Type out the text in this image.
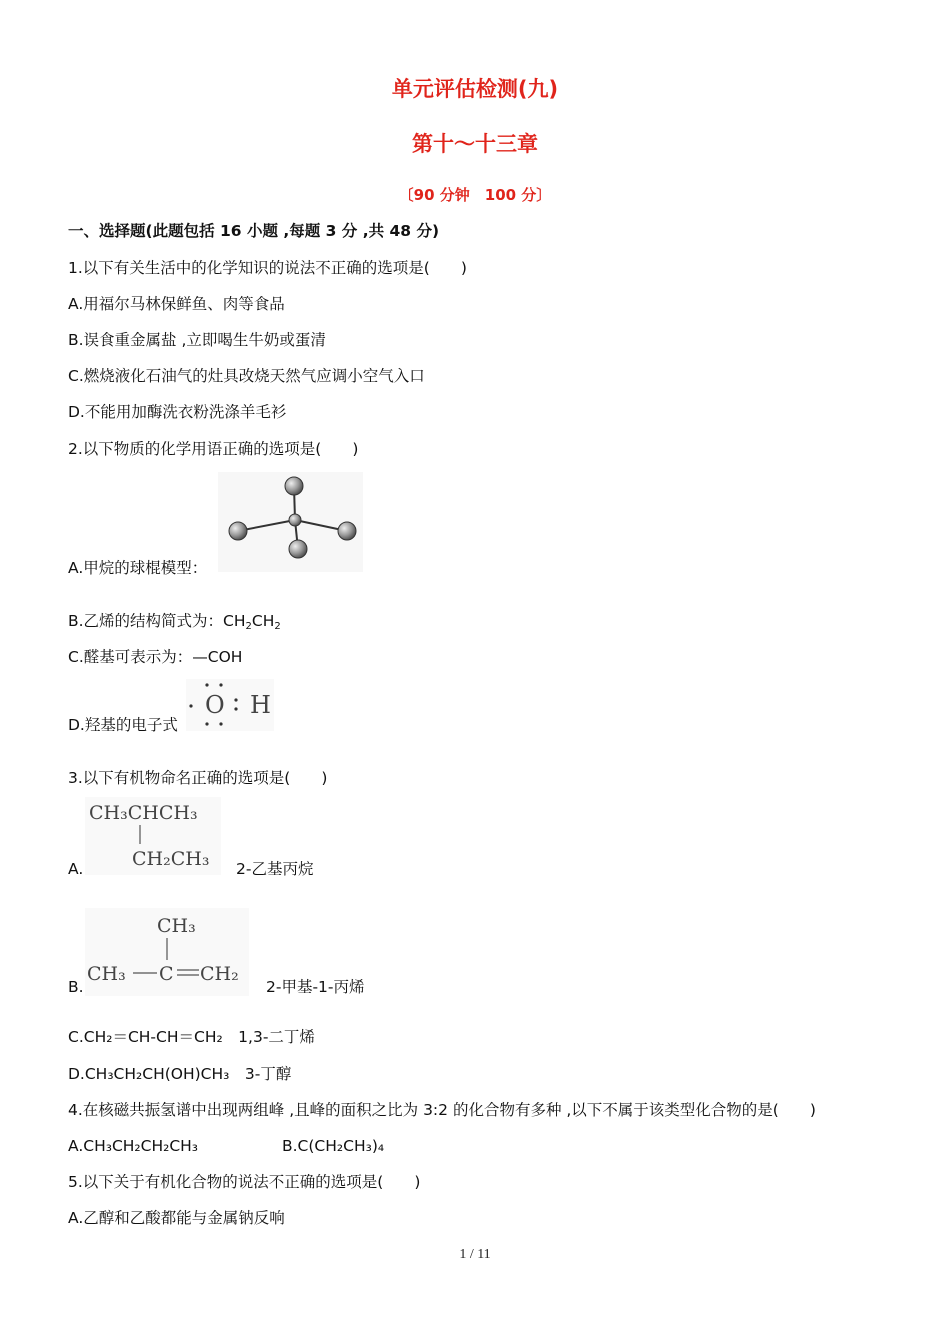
单元评估检测(九)
第十～十三章
〔90 分钟　100 分〕
一、选择题(此题包括 16 小题 ,每题 3 分 ,共 48 分)
1.以下有关生活中的化学知识的说法不正确的选项是(　　)
A.用福尔马林保鲜鱼、肉等食品
B.误食重金属盐 ,立即喝生牛奶或蛋清
C.燃烧液化石油气的灶具改烧天然气应调小空气入口
D.不能用加酶洗衣粉洗涤羊毛衫
2.以下物质的化学用语正确的选项是(　　)
A.甲烷的球棍模型：
B.乙烯的结构简式为：$CH_2CH_2$
C.醛基可表示为：—COH
O H
D.羟基的电子式
3.以下有机物命名正确的选项是(　　)
CH₃CHCH₃
CH₂CH₃
A.	2-乙基丙烷
CH₃
CH₃ C CH₂
B.	2-甲基-1-丙烯
C.CH₂＝CH-CH＝CH₂　1,3-二丁烯
D.CH₃CH₂CH(OH)CH₃　3-丁醇
4.在核磁共振氢谱中出现两组峰 ,且峰的面积之比为 3:2 的化合物有多种 ,以下不属于该类型化合物的是(　　)
A.CH₃CH₂CH₂CH₃	B.C(CH₂CH₃)₄
5.以下关于有机化合物的说法不正确的选项是(　　)
A.乙醇和乙酸都能与金属钠反响
1 / 11
